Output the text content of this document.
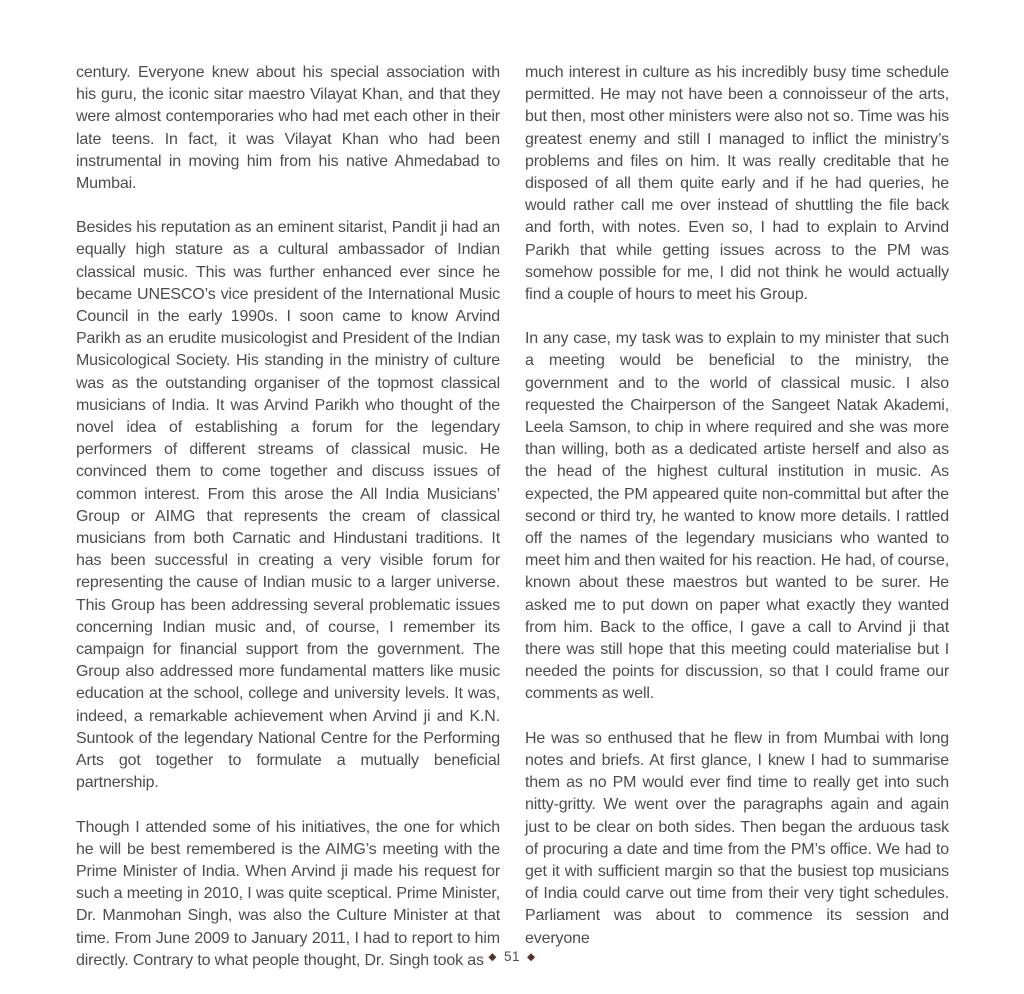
century. Everyone knew about his special association with his guru, the iconic sitar maestro Vilayat Khan, and that they were almost contemporaries who had met each other in their late teens. In fact, it was Vilayat Khan who had been instrumental in moving him from his native Ahmedabad to Mumbai.

Besides his reputation as an eminent sitarist, Pandit ji had an equally high stature as a cultural ambassador of Indian classical music. This was further enhanced ever since he became UNESCO’s vice president of the International Music Council in the early 1990s. I soon came to know Arvind Parikh as an erudite musicologist and President of the Indian Musicological Society. His standing in the ministry of culture was as the outstanding organiser of the topmost classical musicians of India. It was Arvind Parikh who thought of the novel idea of establishing a forum for the legendary performers of different streams of classical music. He convinced them to come together and discuss issues of common interest. From this arose the All India Musicians’ Group or AIMG that represents the cream of classical musicians from both Carnatic and Hindustani traditions. It has been successful in creating a very visible forum for representing the cause of Indian music to a larger universe. This Group has been addressing several problematic issues concerning Indian music and, of course, I remember its campaign for financial support from the government. The Group also addressed more fundamental matters like music education at the school, college and university levels. It was, indeed, a remarkable achievement when Arvind ji and K.N. Suntook of the legendary National Centre for the Performing Arts got together to formulate a mutually beneficial partnership.

Though I attended some of his initiatives, the one for which he will be best remembered is the AIMG’s meeting with the Prime Minister of India. When Arvind ji made his request for such a meeting in 2010, I was quite sceptical. Prime Minister, Dr. Manmohan Singh, was also the Culture Minister at that time. From June 2009 to January 2011, I had to report to him directly. Contrary to what people thought, Dr. Singh took as

much interest in culture as his incredibly busy time schedule permitted. He may not have been a connoisseur of the arts, but then, most other ministers were also not so. Time was his greatest enemy and still I managed to inflict the ministry’s problems and files on him. It was really creditable that he disposed of all them quite early and if he had queries, he would rather call me over instead of shuttling the file back and forth, with notes. Even so, I had to explain to Arvind Parikh that while getting issues across to the PM was somehow possible for me, I did not think he would actually find a couple of hours to meet his Group.

In any case, my task was to explain to my minister that such a meeting would be beneficial to the ministry, the government and to the world of classical music. I also requested the Chairperson of the Sangeet Natak Akademi, Leela Samson, to chip in where required and she was more than willing, both as a dedicated artiste herself and also as the head of the highest cultural institution in music. As expected, the PM appeared quite non-committal but after the second or third try, he wanted to know more details. I rattled off the names of the legendary musicians who wanted to meet him and then waited for his reaction. He had, of course, known about these maestros but wanted to be surer. He asked me to put down on paper what exactly they wanted from him. Back to the office, I gave a call to Arvind ji that there was still hope that this meeting could materialise but I needed the points for discussion, so that I could frame our comments as well.

He was so enthused that he flew in from Mumbai with long notes and briefs. At first glance, I knew I had to summarise them as no PM would ever find time to really get into such nitty-gritty. We went over the paragraphs again and again just to be clear on both sides. Then began the arduous task of procuring a date and time from the PM’s office. We had to get it with sufficient margin so that the busiest top musicians of India could carve out time from their very tight schedules. Parliament was about to commence its session and everyone

◆ 51 ◆
